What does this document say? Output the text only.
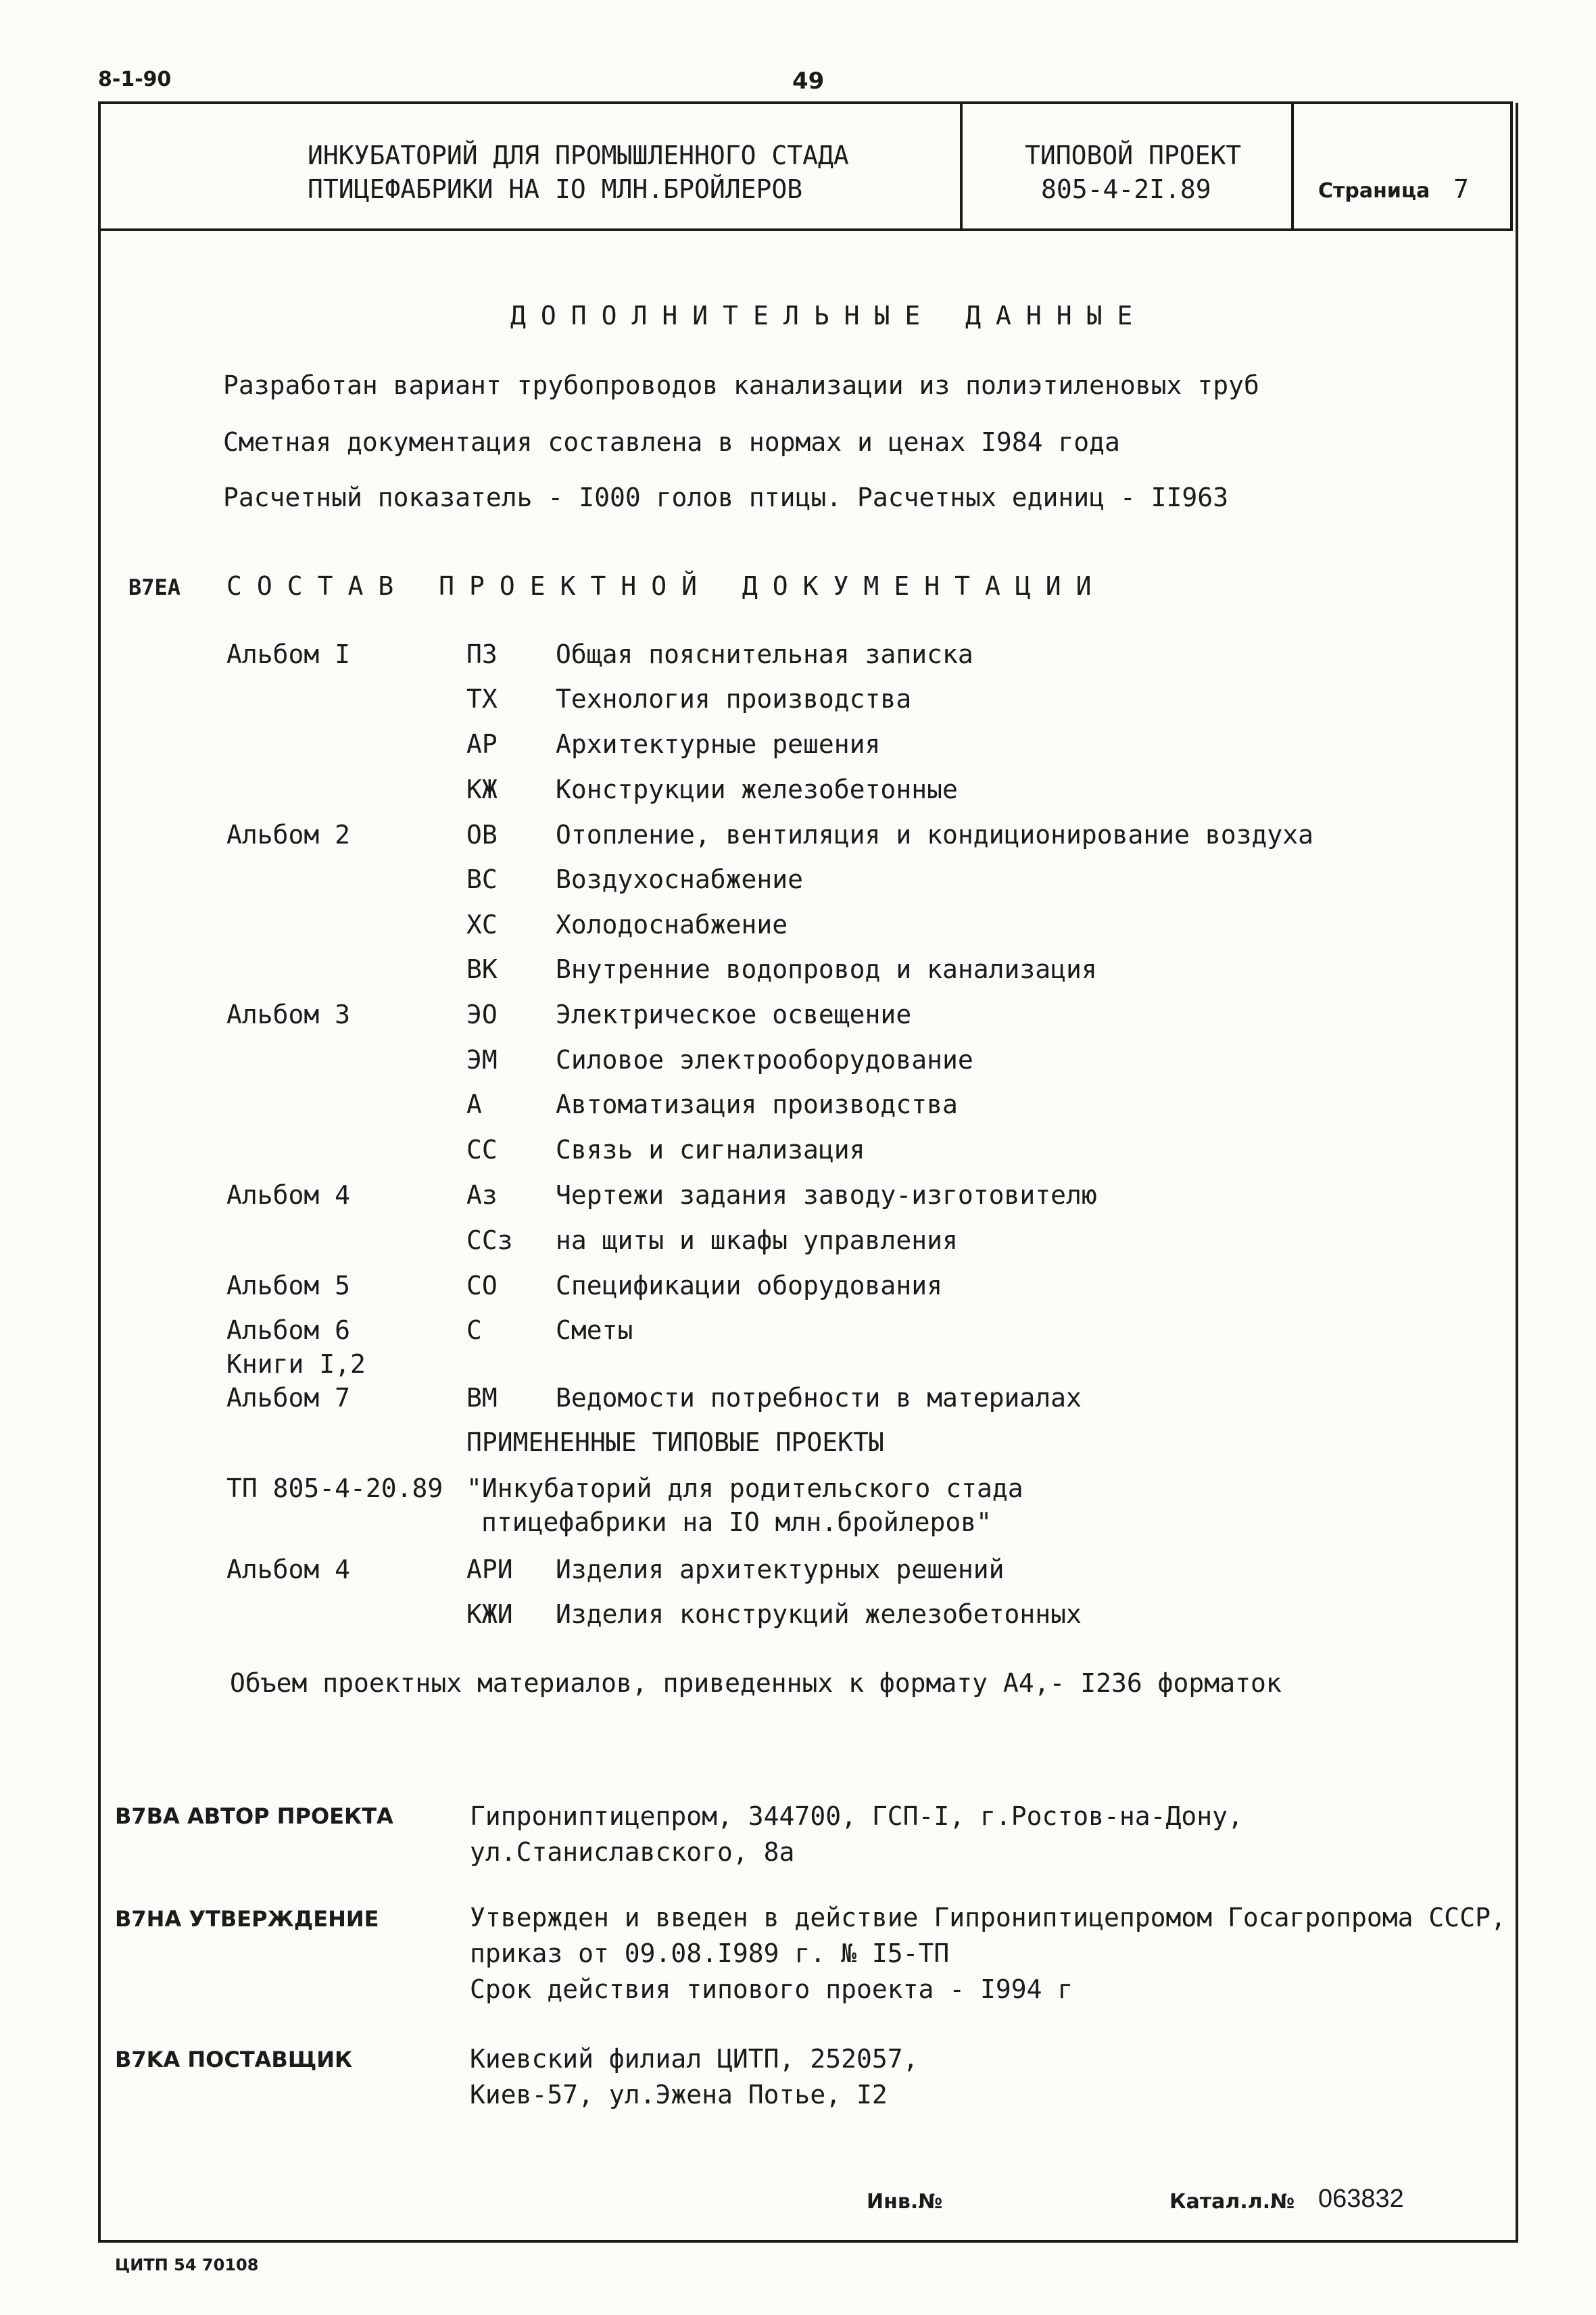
8-1-90	49
ИНКУБАТОРИЙ ДЛЯ ПРОМЫШЛЕННОГО СТАДА
ПТИЦЕФАБРИКИ НА IO МЛН.БРОЙЛЕРОВ
ТИПОВОЙ ПРОЕКТ
805-4-2I.89	Страница 7
ДОПОЛНИТЕЛЬНЫЕ ДАННЫЕ
Разработан вариант трубопроводов канализации из полиэтиленовых труб
Сметная документация составлена в нормах и ценах I984 года
Расчетный показатель - I000 голов птицы. Расчетных единиц - II963
B7EA СОСТАВ ПРОЕКТНОЙ ДОКУМЕНТАЦИИ
Альбом I	ПЗ Общая пояснительная записка
ТХ Технология производства
АР Архитектурные решения
КЖ Конструкции железобетонные
Альбом 2	ОВ Отопление, вентиляция и кондиционирование воздуха
ВС Воздухоснабжение
ХС Холодоснабжение
ВК Внутренние водопровод и канализация
Альбом 3	ЭО Электрическое освещение
ЭМ Силовое электрооборудование
А	Автоматизация производства
СС Связь и сигнализация
Альбом 4	Аз Чертежи задания заводу-изготовителю
ССз на щиты и шкафы управления
Альбом 5	СО Спецификации оборудования
Альбом 6	С	Сметы
Книги I,2
Альбом 7	ВМ Ведомости потребности в материалах
ПРИМЕНЕННЫЕ ТИПОВЫЕ ПРОЕКТЫ
ТП 805-4-20.89 "Инкубаторий для родительского стада
птицефабрики на IO млн.бройлеров"
Альбом 4	АРИ Изделия архитектурных решений
КЖИ Изделия конструкций железобетонных
Объем проектных материалов, приведенных к формату А4,- I236 форматок
B7BA АВТОР ПРОЕКТА	Гипрониптицепром, 344700, ГСП-I, г.Ростов-на-Дону,
ул.Станиславского, 8а
B7HA УТВЕРЖДЕНИЕ	Утвержден и введен в действие Гипрониптицепромом Госагропрома СССР,
приказ от 09.08.I989 г. № I5-ТП
Срок действия типового проекта - I994 г
B7KA ПОСТАВЩИК	Киевский филиал ЦИТП, 252057,
Киев-57, ул.Эжена Потье, I2
Инв.№	Катал.л.№ 063832
ЦИТП 54 70108
